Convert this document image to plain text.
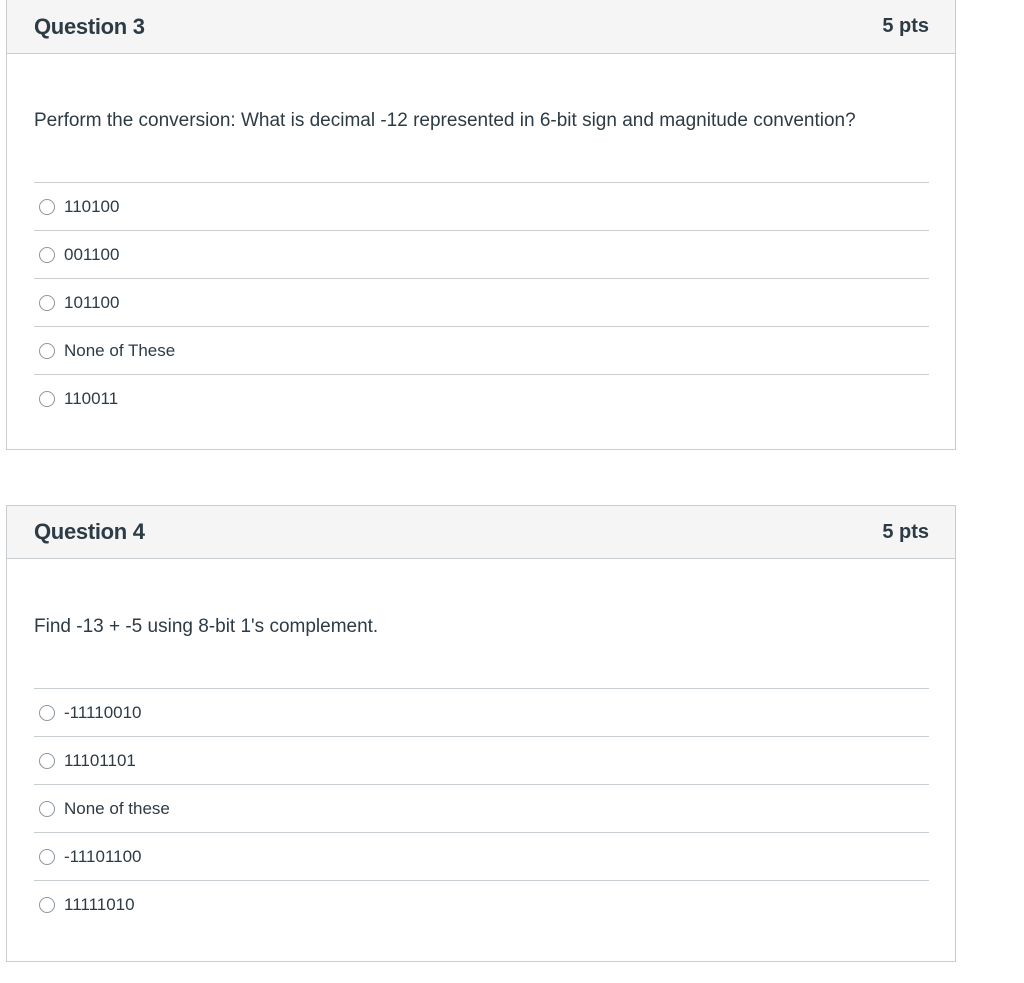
Question 3	5 pts

Perform the conversion: What is decimal -12 represented in 6-bit sign and magnitude convention?

110100
001100
101100
None of These
110011
Question 4	5 pts

Find -13 + -5 using 8-bit 1's complement.

-11110010
11101101
None of these
-11101100
11111010
